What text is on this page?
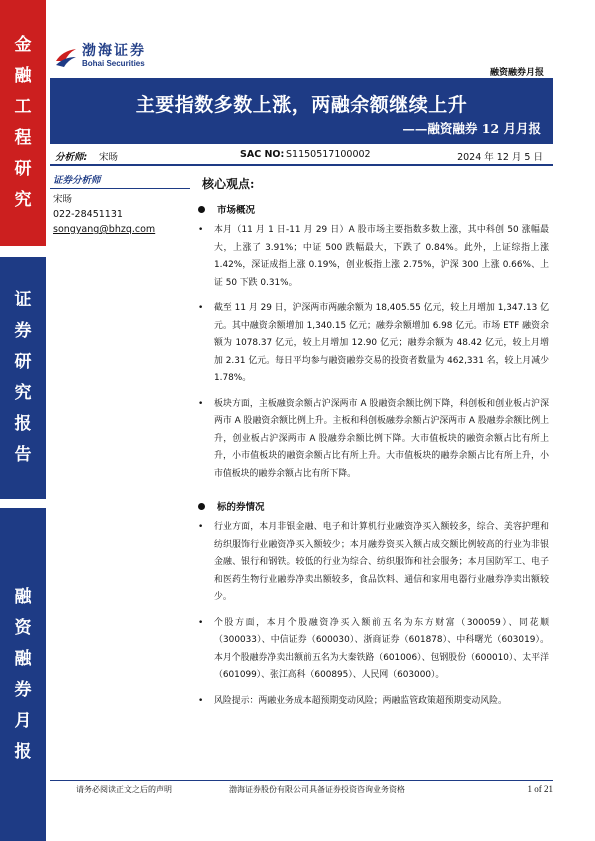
金融工程研究
证券研究报告
融资融券月报
渤海证券
Bohai Securities
融资融券月报
主要指数多数上涨，两融余额继续上升
——融资融券 12 月月报
分析师: 宋旸	SAC NO: S1150517100002	2024 年 12 月 5 日
证券分析师
宋旸
022-28451131
songyang@bhzq.com
核心观点:
市场概况
•	本月（11 月 1 日-11 月 29 日）A 股市场主要指数多数上涨，其中科创 50 涨幅最大，上涨了 3.91%；中证 500 跌幅最大，下跌了 0.84%。此外，上证综指上涨 1.42%，深证成指上涨 0.19%，创业板指上涨 2.75%，沪深 300 上涨 0.66%、上证 50 下跌 0.31%。
•	截至 11 月 29 日，沪深两市两融余额为 18,405.55 亿元，较上月增加 1,347.13 亿元。其中融资余额增加 1,340.15 亿元；融券余额增加 6.98 亿元。市场 ETF 融资余额为 1078.37 亿元，较上月增加 12.90 亿元；融券余额为 48.42 亿元，较上月增加 2.31 亿元。每日平均参与融资融券交易的投资者数量为 462,331 名，较上月减少 1.78%。
•	板块方面，主板融资余额占沪深两市 A 股融资余额比例下降，科创板和创业板占沪深两市 A 股融资余额比例上升。主板和科创板融券余额占沪深两市 A 股融券余额比例上升，创业板占沪深两市 A 股融券余额比例下降。大市值板块的融资余额占比有所上升，小市值板块的融资余额占比有所上升。大市值板块的融券余额占比有所上升，小市值板块的融券余额占比有所下降。
标的券情况
•	行业方面，本月非银金融、电子和计算机行业融资净买入额较多，综合、美容护理和纺织服饰行业融资净买入额较少；本月融券资买入额占成交额比例较高的行业为非银金融、银行和钢铁。较低的行业为综合、纺织服饰和社会服务；本月国防军工、电子和医药生物行业融券净卖出额较多，食品饮料、通信和家用电器行业融券净卖出额较少。
•	个股方面，本月个股融资净买入额前五名为东方财富（300059）、同花顺（300033）、中信证券（600030）、浙商证券（601878）、中科曙光（603019）。本月个股融券净卖出额前五名为大秦铁路（601006）、包钢股份（600010）、太平洋（601099）、张江高科（600895）、人民网（603000）。
•	风险提示：两融业务成本超预期变动风险；两融监管政策超预期变动风险。
请务必阅读正文之后的声明	渤海证券股份有限公司具备证券投资咨询业务资格	1 of 21
